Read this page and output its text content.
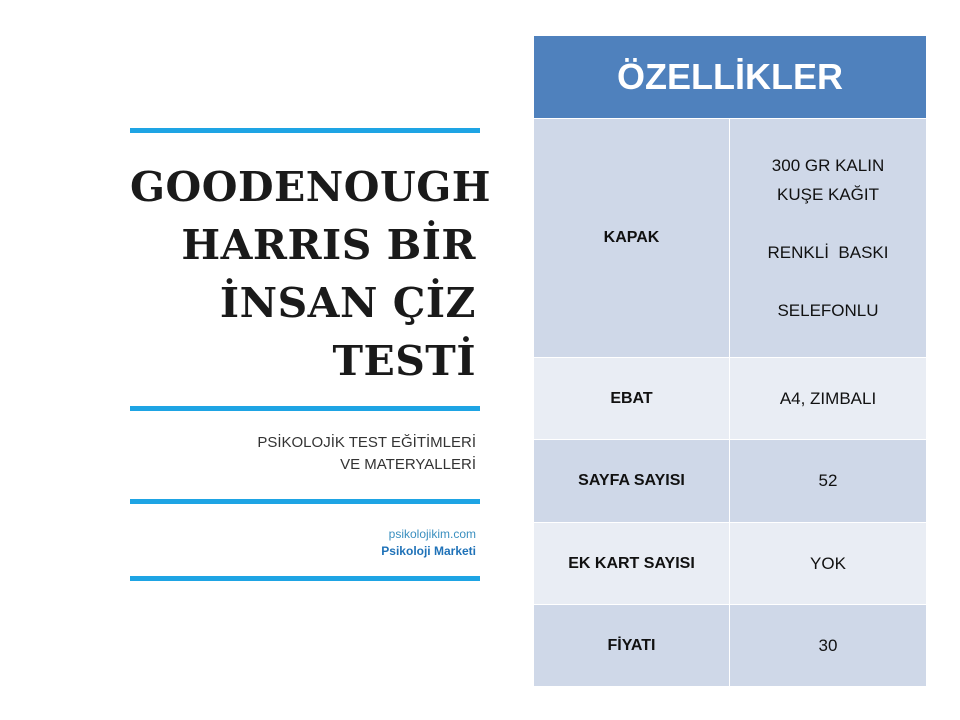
GOODENOUGH
HARRIS BİR
İNSAN ÇİZ
TESTİ
PSİKOLOJİK TEST EĞİTİMLERİ
VE MATERYALLERİ
psikolojikim.com
Psikoloji Marketi
ÖZELLİKLER	
KAPAK	300 GR KALIN
KUŞE KAĞIT
RENKLİ  BASKI
SELEFONLU

EBAT	A4, ZIMBALI
SAYFA SAYISI	52
EK KART SAYISI	YOK
FİYATI	30
